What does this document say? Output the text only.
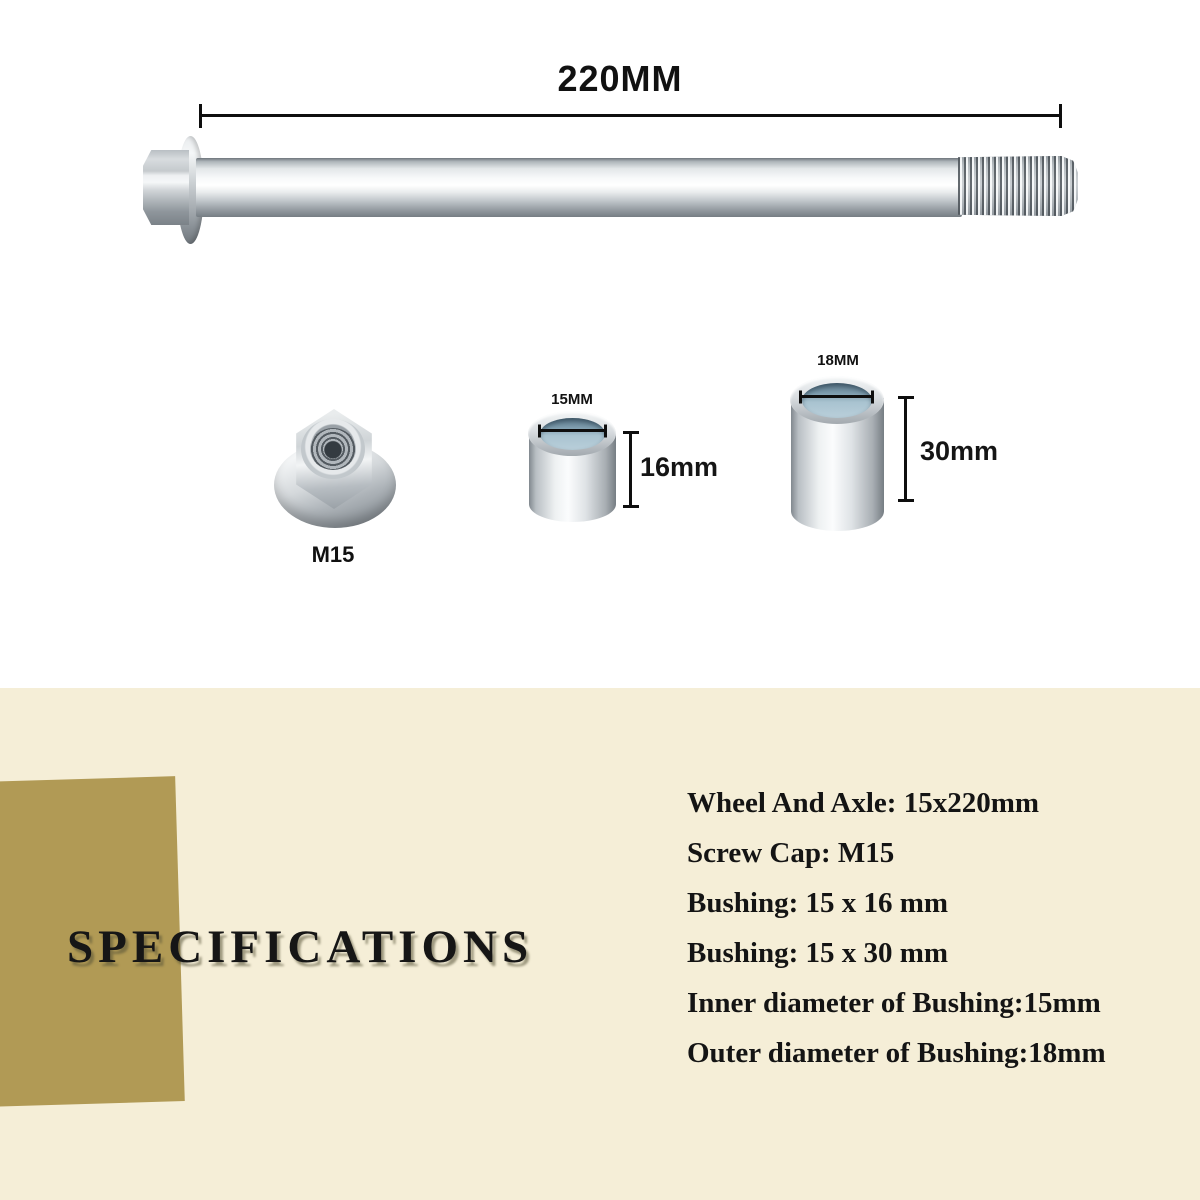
220MM
M15
15MM
16mm
18MM
30mm
SPECIFICATIONS
Wheel And Axle: 15x220mm
Screw Cap: M15
Bushing: 15 x 16 mm
Bushing: 15 x 30 mm
Inner diameter of Bushing:15mm
Outer diameter of Bushing:18mm
